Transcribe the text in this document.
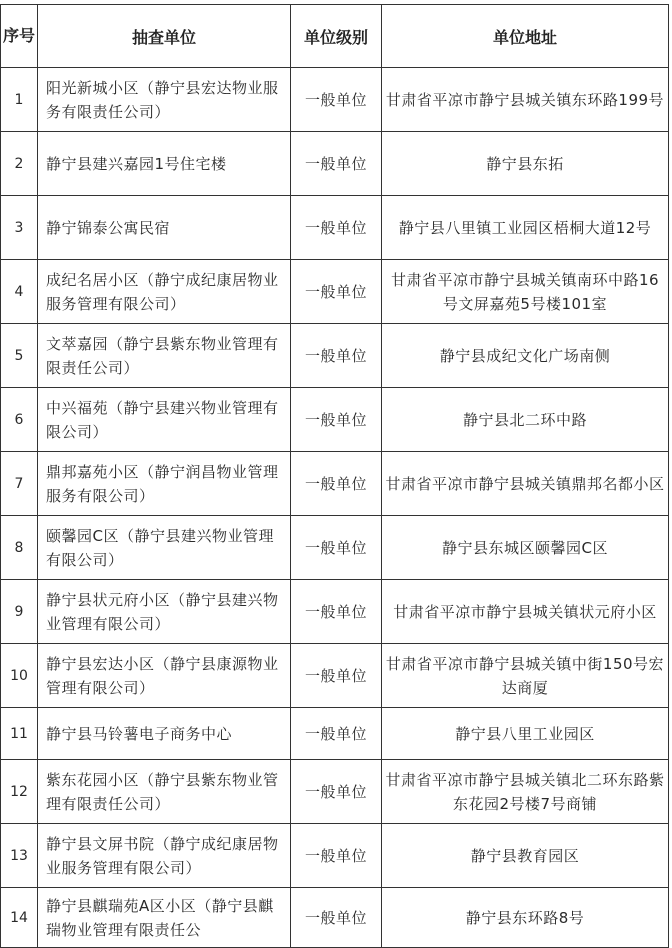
序号	抽查单位	单位级别	单位地址
1	阳光新城小区（静宁县宏达物业服务有限责任公司）	一般单位	甘肃省平凉市静宁县城关镇东环路199号
2	静宁县建兴嘉园1号住宅楼	一般单位	静宁县东拓
3	静宁锦泰公寓民宿	一般单位	静宁县八里镇工业园区梧桐大道12号
4	成纪名居小区（静宁成纪康居物业服务管理有限公司）	一般单位	甘肃省平凉市静宁县城关镇南环中路16号文屏嘉苑5号楼101室
5	文萃嘉园（静宁县紫东物业管理有限责任公司）	一般单位	静宁县成纪文化广场南侧
6	中兴福苑（静宁县建兴物业管理有限公司）	一般单位	静宁县北二环中路
7	鼎邦嘉苑小区（静宁润昌物业管理服务有限公司）	一般单位	甘肃省平凉市静宁县城关镇鼎邦名都小区
8	颐馨园C区（静宁县建兴物业管理有限公司）	一般单位	静宁县东城区颐馨园C区
9	静宁县状元府小区（静宁县建兴物业管理有限公司）	一般单位	甘肃省平凉市静宁县城关镇状元府小区
10	静宁县宏达小区（静宁县康源物业管理有限公司）	一般单位	甘肃省平凉市静宁县城关镇中街150号宏达商厦
11	静宁县马铃薯电子商务中心	一般单位	静宁县八里工业园区
12	紫东花园小区（静宁县紫东物业管理有限责任公司）	一般单位	甘肃省平凉市静宁县城关镇北二环东路紫东花园2号楼7号商铺
13	静宁县文屏书院（静宁成纪康居物业服务管理有限公司）	一般单位	静宁县教育园区
14	静宁县麒瑞苑A区小区（静宁县麒瑞物业管理有限责任公	一般单位	静宁县东环路8号
